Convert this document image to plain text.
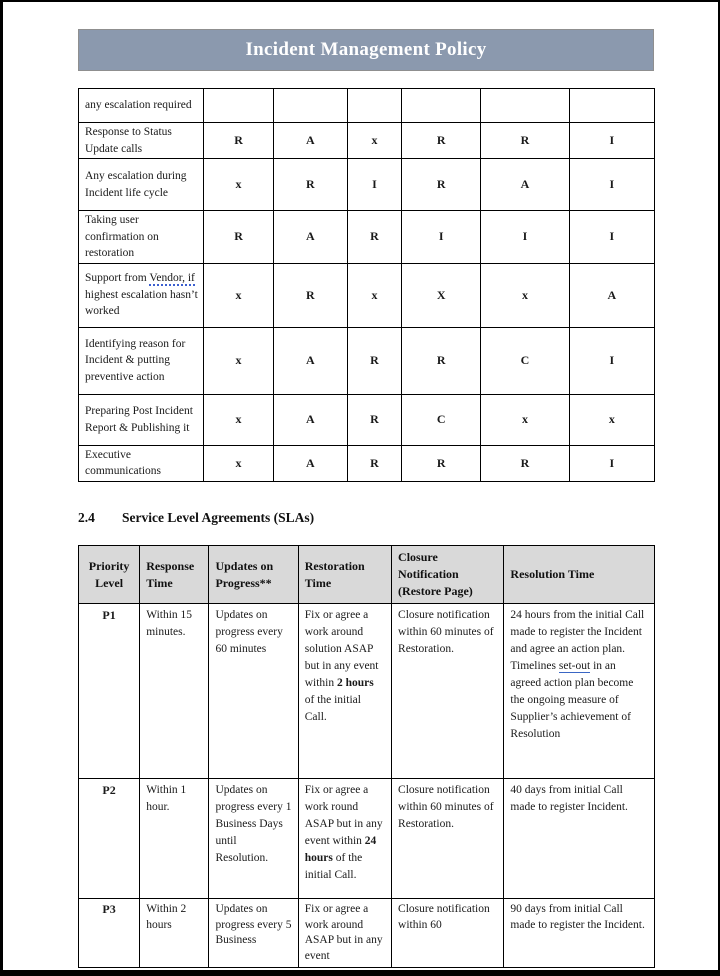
Incident Management Policy
any escalation required						
Response to Status Update calls	R	A	x	R	R	I
Any escalation during Incident life cycle	x	R	I	R	A	I
Taking user confirmation on restoration	R	A	R	I	I	I
Support from Vendor, if highest escalation hasn’t worked	x	R	x	X	x	A
Identifying reason for Incident & putting preventive action	x	A	R	R	C	I
Preparing Post Incident Report & Publishing it	x	A	R	C	x	x
Executive communications	x	A	R	R	R	I
2.4 Service Level Agreements (SLAs)
Priority Level	Response Time	Updates on Progress**	Restoration Time	Closure Notification (Restore Page)	Resolution Time
P1	Within 15 minutes.	Updates on progress every 60 minutes	Fix or agree a work around solution ASAP but in any event within 2 hours of the initial Call.	Closure notification within 60 minutes of Restoration.	24 hours from the initial Call made to register the Incident and agree an action plan.
Timelines set-out in an agreed action plan become the ongoing measure of Supplier’s achievement of Resolution
P2	Within 1 hour.	Updates on progress every 1 Business Days until Resolution.	Fix or agree a work round ASAP but in any event within 24 hours of the initial Call.	Closure notification within 60 minutes of Restoration.	40 days from initial Call made to register Incident.

P3	Within 2 hours	Updates on progress every 5 Business	Fix or agree a work around ASAP but in any event	Closure notification within 60	90 days from initial Call made to register the Incident.
